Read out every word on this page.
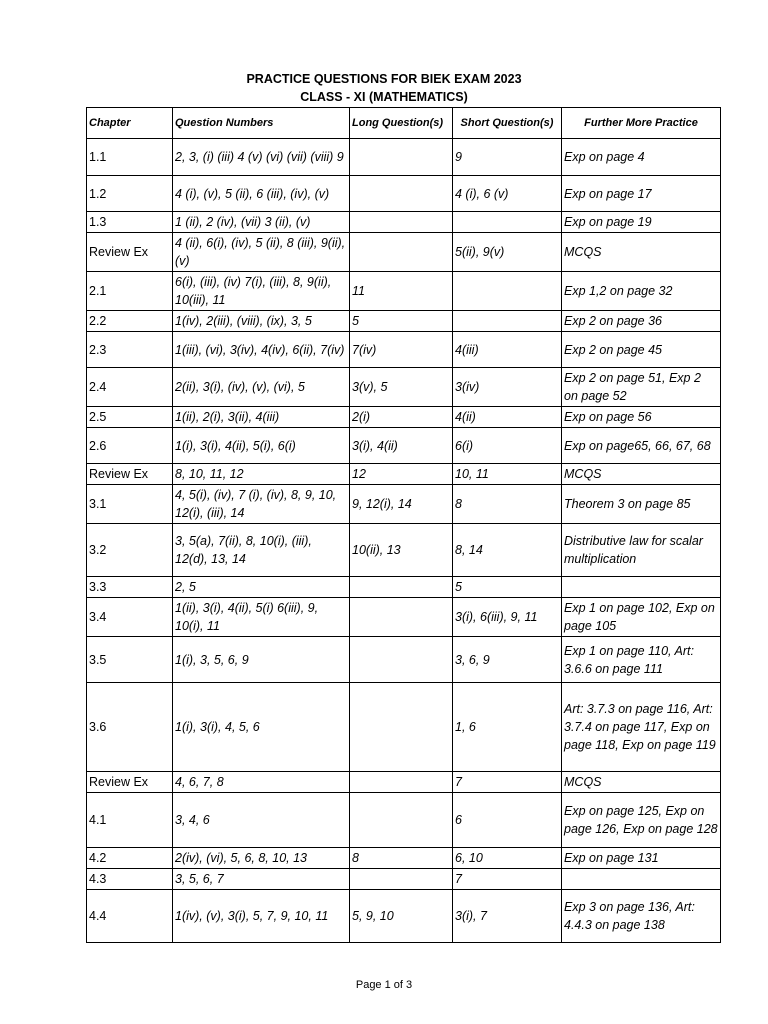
PRACTICE QUESTIONS FOR BIEK EXAM 2023
CLASS - XI (MATHEMATICS)
Chapter	Question Numbers	Long Question(s)	Short Question(s)	Further More Practice
1.1	2, 3, (i) (iii) 4 (v) (vi) (vii) (viii) 9		9	Exp on page 4
1.2	4 (i), (v), 5 (ii), 6 (iii), (iv), (v)		4 (i), 6 (v)	Exp on page 17
1.3	1 (ii), 2 (iv), (vii) 3 (ii), (v)			Exp on page 19
Review Ex	4 (ii), 6(i), (iv), 5 (ii), 8 (iii), 9(ii), (v)		5(ii), 9(v)	MCQS
2.1	6(i), (iii), (iv) 7(i), (iii), 8, 9(ii), 10(iii), 11	11		Exp 1,2 on page 32
2.2	1(iv), 2(iii), (viii), (ix), 3, 5	5		Exp 2 on page 36
2.3	1(iii), (vi), 3(iv), 4(iv), 6(ii), 7(iv)	7(iv)	4(iii)	Exp 2 on page 45
2.4	2(ii), 3(i), (iv), (v), (vi), 5	3(v), 5	3(iv)	Exp 2 on page 51, Exp 2 on page 52
2.5	1(ii), 2(i), 3(ii), 4(iii)	2(i)	4(ii)	Exp on page 56
2.6	1(i), 3(i), 4(ii), 5(i), 6(i)	3(i), 4(ii)	6(i)	Exp on page65, 66, 67, 68
Review Ex	8, 10, 11, 12	12	10, 11	MCQS
3.1	4, 5(i), (iv), 7 (i), (iv), 8, 9, 10, 12(i), (iii), 14	9, 12(i), 14	8	Theorem 3 on page 85
3.2	3, 5(a), 7(ii), 8, 10(i), (iii), 12(d), 13, 14	10(ii), 13	8, 14	Distributive law for scalar multiplication
3.3	2, 5		5	
3.4	1(ii), 3(i), 4(ii), 5(i) 6(iii), 9, 10(i), 11		3(i), 6(iii), 9, 11	Exp 1 on page 102, Exp on page 105
3.5	1(i), 3, 5, 6, 9		3, 6, 9	Exp 1 on page 110, Art: 3.6.6 on page 111
3.6	1(i), 3(i), 4, 5, 6		1, 6	Art: 3.7.3 on page 116, Art: 3.7.4 on page 117, Exp on page 118, Exp on page 119
Review Ex	4, 6, 7, 8		7	MCQS
4.1	3, 4, 6		6	Exp on page 125, Exp on page 126, Exp on page 128
4.2	2(iv), (vi), 5, 6, 8, 10, 13	8	6, 10	Exp on page 131
4.3	3, 5, 6, 7		7	
4.4	1(iv), (v), 3(i), 5, 7, 9, 10, 11	5, 9, 10	3(i), 7	Exp 3 on page 136, Art: 4.4.3 on page 138
Page 1 of 3
